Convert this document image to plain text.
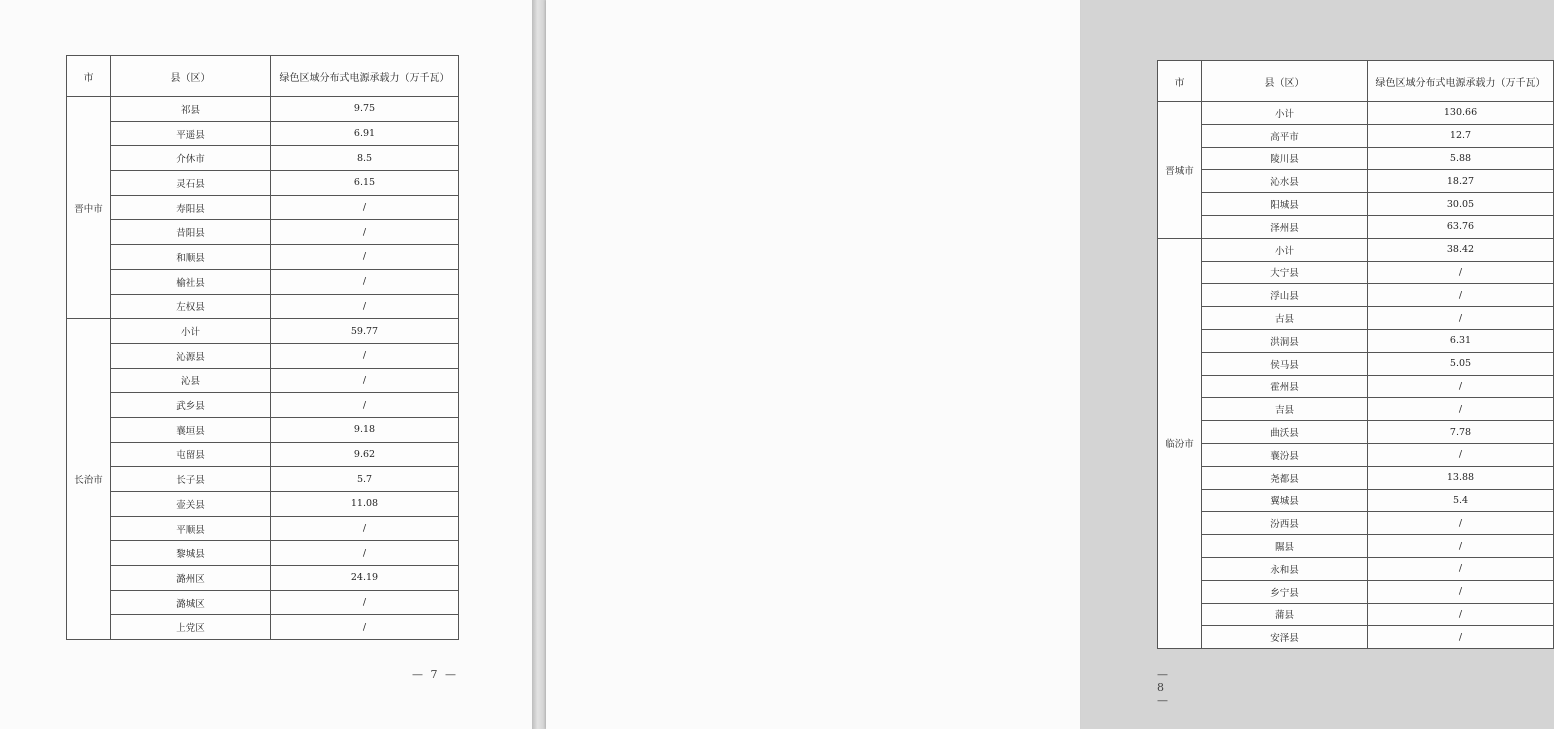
市	县（区）	绿色区域分布式电源承载力（万千瓦）
晋中市	祁县	9.75
	平遥县	6.91
	介休市	8.5
	灵石县	6.15
	寿阳县	/
	昔阳县	/
	和顺县	/
	榆社县	/
	左权县	/
长治市	小计	59.77
	沁源县	/
	沁县	/
	武乡县	/
	襄垣县	9.18
	屯留县	9.62
	长子县	5.7
	壶关县	11.08
	平顺县	/
	黎城县	/
	潞州区	24.19
	潞城区	/
	上党区	/
— 7 —
市	县（区）	绿色区域分布式电源承载力（万千瓦）
晋城市	小计	130.66
	高平市	12.7
	陵川县	5.88
	沁水县	18.27
	阳城县	30.05
	泽州县	63.76
临汾市	小计	38.42
	大宁县	/
	浮山县	/
	古县	/
	洪洞县	6.31
	侯马县	5.05
	霍州县	/
	吉县	/
	曲沃县	7.78
	襄汾县	/
	尧都县	13.88
	翼城县	5.4
	汾西县	/
	隰县	/
	永和县	/
	乡宁县	/
	蒲县	/
	安泽县	/
— 8 —
